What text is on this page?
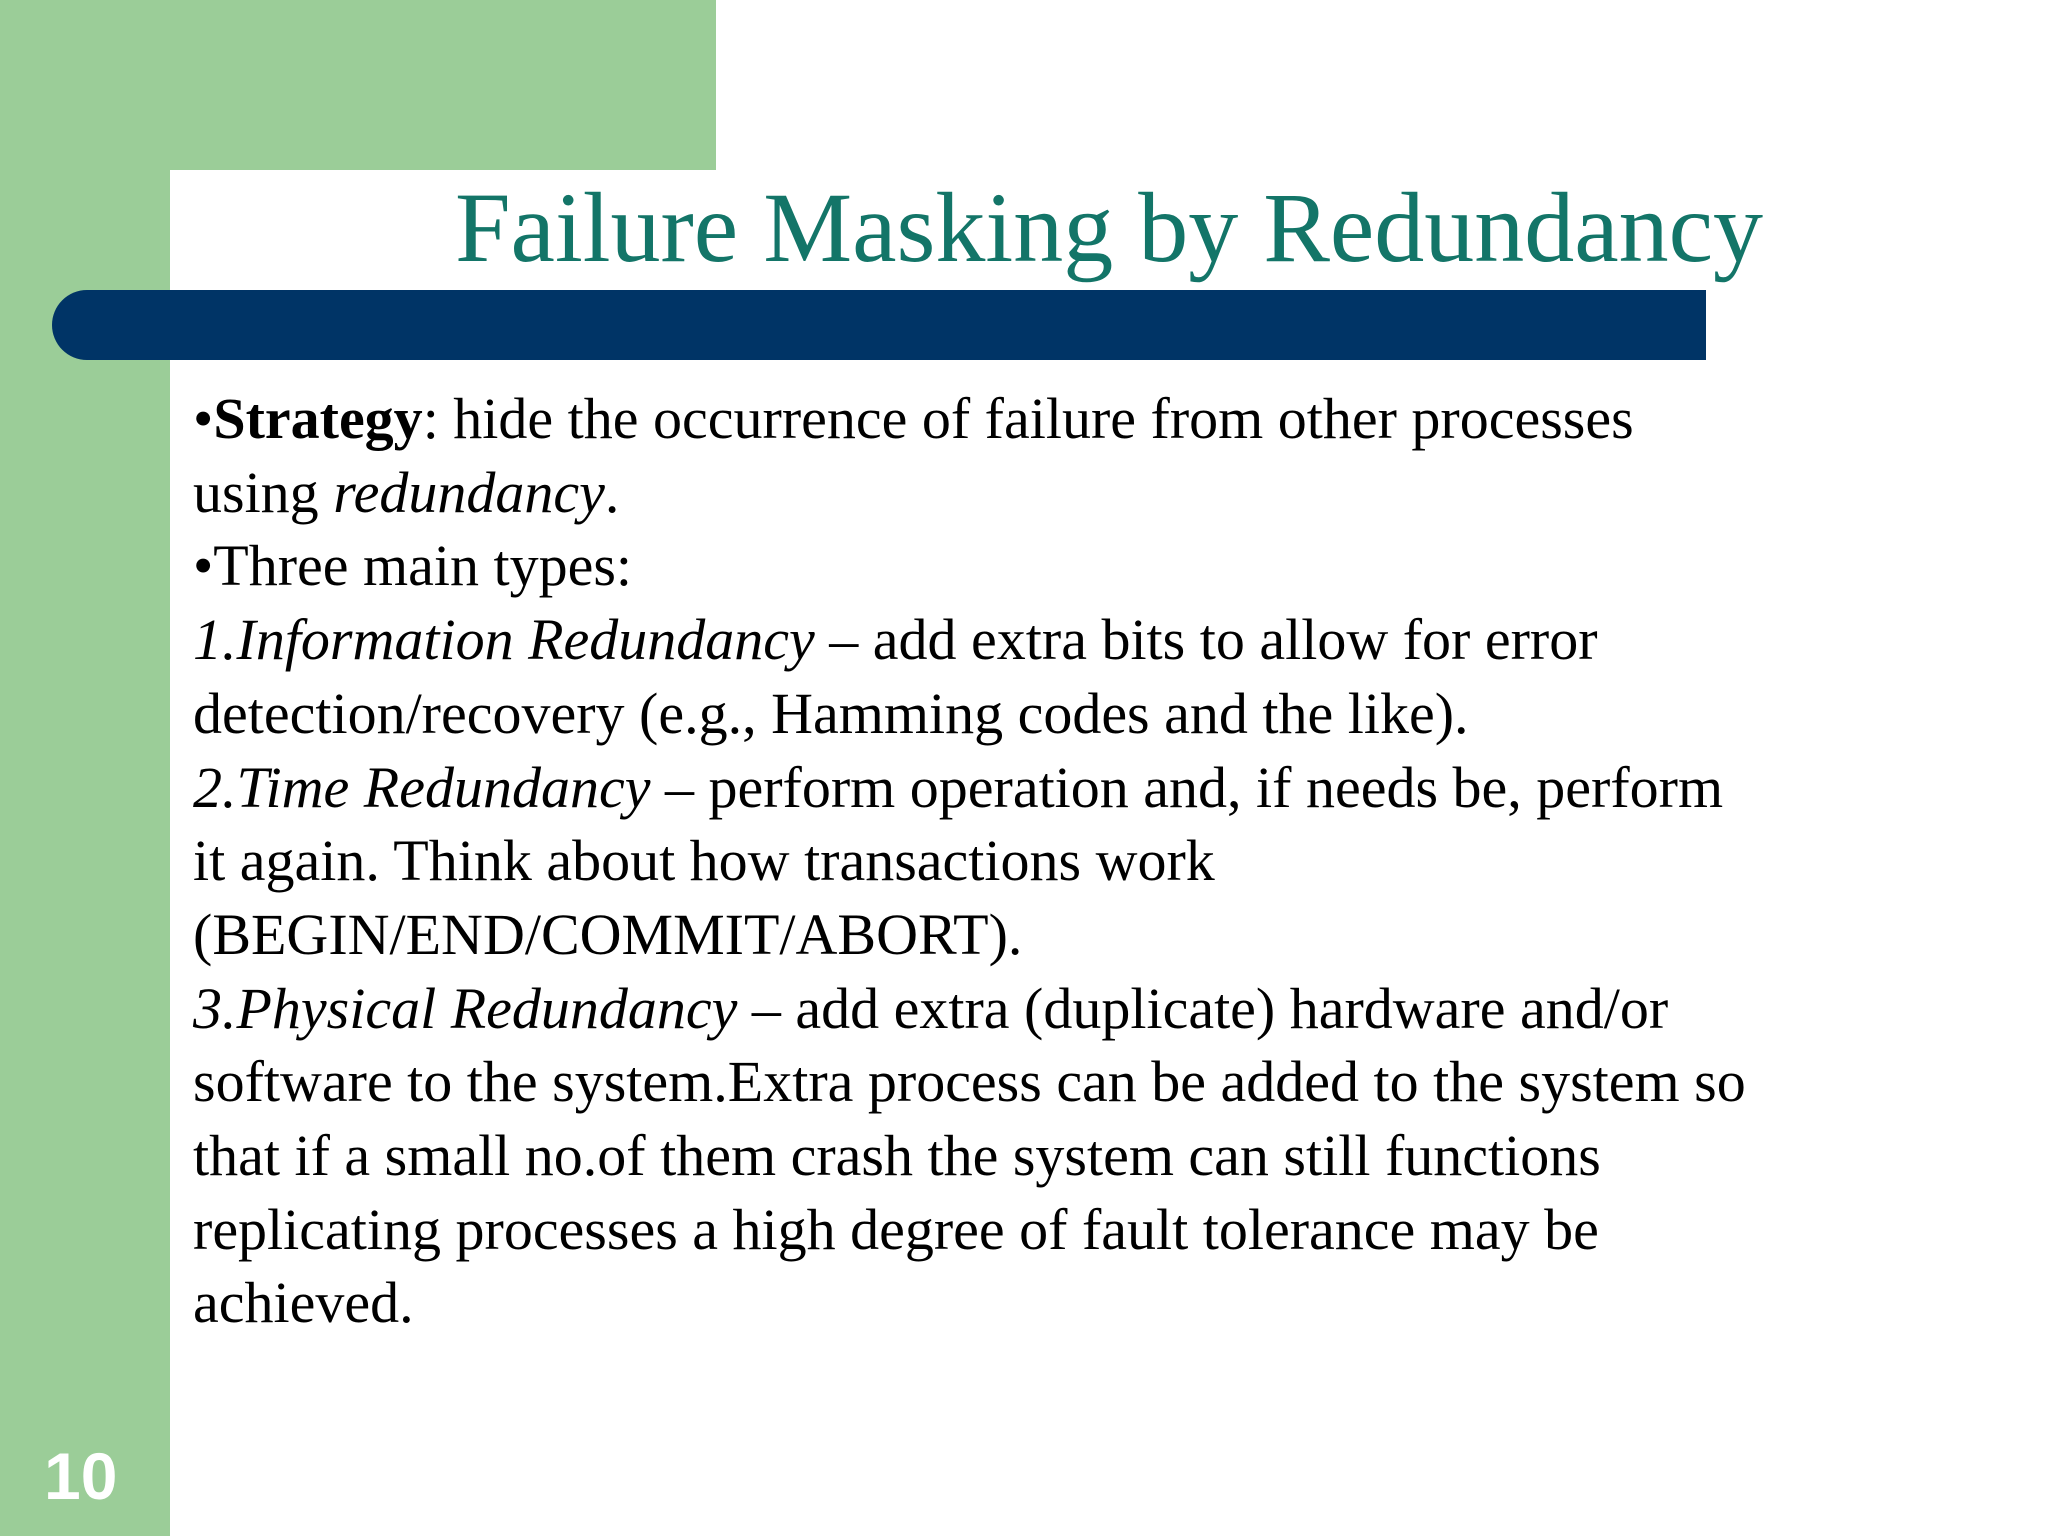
Failure Masking by Redundancy

•Strategy: hide the occurrence of failure from other processes

using redundancy.

•Three main types:

1.Information Redundancy – add extra bits to allow for error

detection/recovery (e.g., Hamming codes and the like).

2.Time Redundancy – perform operation and, if needs be, perform

it again. Think about how transactions work

(BEGIN/END/COMMIT/ABORT).

3.Physical Redundancy – add extra (duplicate) hardware and/or

software to the system.Extra process can be added to the system so

that if a small no.of them crash the system can still functions

replicating processes a high degree of fault tolerance may be

achieved.

10
